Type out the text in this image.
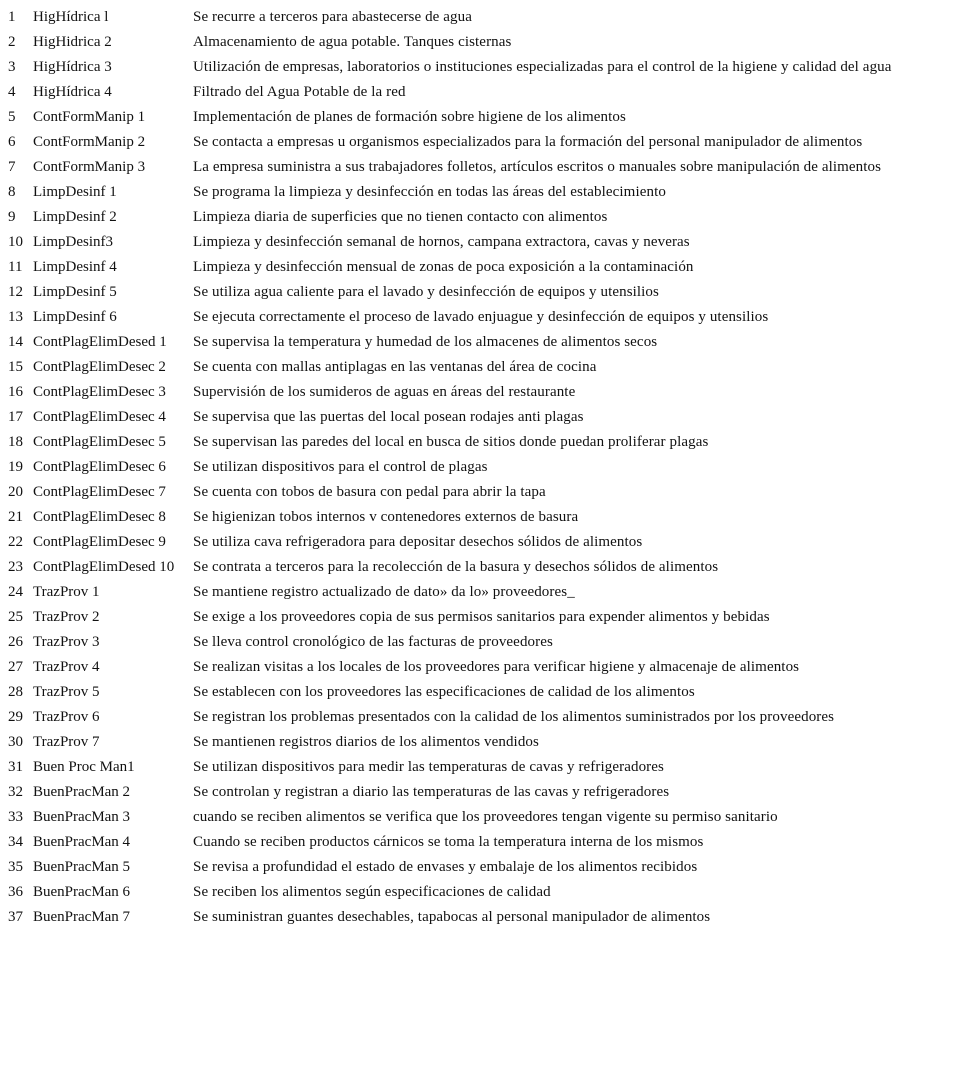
1 HigHídrica l	Se recurre a terceros para abastecerse de agua
2 HigHidrica 2	Almacenamiento de agua potable. Tanques cisternas
3 HigHídrica 3	Utilización de empresas, laboratorios o instituciones especializadas para el control de la higiene y calidad del agua
4 HigHídrica 4	Filtrado del Agua Potable de la red
5 ContFormManip 1	Implementación de planes de formación sobre higiene de los alimentos
6 ContFormManip 2	Se contacta a empresas u organismos especializados para la formación del personal manipulador de alimentos
7 ContFormManip 3	La empresa suministra a sus trabajadores folletos, artículos escritos o manuales sobre manipulación de alimentos
8 LimpDesinf 1	Se programa la limpieza y desinfección en todas las áreas del establecimiento
9 LimpDesinf 2	Limpieza diaria de superficies que no tienen contacto con alimentos
10 LimpDesinf3	Limpieza y desinfección semanal de hornos, campana extractora, cavas y neveras
11 LimpDesinf 4	Limpieza y desinfección mensual de zonas de poca exposición a la contaminación
12 LimpDesinf 5	Se utiliza agua caliente para el lavado y desinfección de equipos y utensilios
13 LimpDesinf 6	Se ejecuta correctamente el proceso de lavado enjuague y desinfección de equipos y utensilios
14 ContPlagElimDesed 1 Se supervisa la temperatura y humedad de los almacenes de alimentos secos
15 ContPlagElimDesec 2 Se cuenta con mallas antiplagas en las ventanas del área de cocina
16 ContPlagElimDesec 3 Supervisión de los sumideros de aguas en áreas del restaurante
17 ContPlagElimDesec 4 Se supervisa que las puertas del local posean rodajes anti plagas
18 ContPlagElimDesec 5 Se supervisan las paredes del local en busca de sitios donde puedan proliferar plagas
19 ContPlagElimDesec 6 Se utilizan dispositivos para el control de plagas
20 ContPlagElimDesec 7 Se cuenta con tobos de basura con pedal para abrir la tapa
21 ContPlagElimDesec 8 Se higienizan tobos internos v contenedores externos de basura
22 ContPlagElimDesec 9 Se utiliza cava refrigeradora para depositar desechos sólidos de alimentos
23 ContPlagElimDesed 10 Se contrata a terceros para la recolección de la basura y desechos sólidos de alimentos
24 TrazProv 1	Se mantiene registro actualizado de dato» da lo» proveedores_
25 TrazProv 2	Se exige a los proveedores copia de sus permisos sanitarios para expender alimentos y bebidas
26 TrazProv 3	Se lleva control cronológico de las facturas de proveedores
27 TrazProv 4	Se realizan visitas a los locales de los proveedores para verificar higiene y almacenaje de alimentos
28 TrazProv 5	Se establecen con los proveedores las especificaciones de calidad de los alimentos
29 TrazProv 6	Se registran los problemas presentados con la calidad de los alimentos suministrados por los proveedores
30 TrazProv 7	Se mantienen registros diarios de los alimentos vendidos
31 Buen Proc Man1	Se utilizan dispositivos para medir las temperaturas de cavas y refrigeradores
32 BuenPracMan 2	Se controlan y registran a diario las temperaturas de las cavas y refrigeradores
33 BuenPracMan 3	cuando se reciben alimentos se verifica que los proveedores tengan vigente su permiso sanitario
34 BuenPracMan 4	Cuando se reciben productos cárnicos se toma la temperatura interna de los mismos
35 BuenPracMan 5	Se revisa a profundidad el estado de envases y embalaje de los alimentos recibidos
36 BuenPracMan 6	Se reciben los alimentos según especificaciones de calidad
37 BuenPracMan 7	Se suministran guantes desechables, tapabocas al personal manipulador de alimentos
